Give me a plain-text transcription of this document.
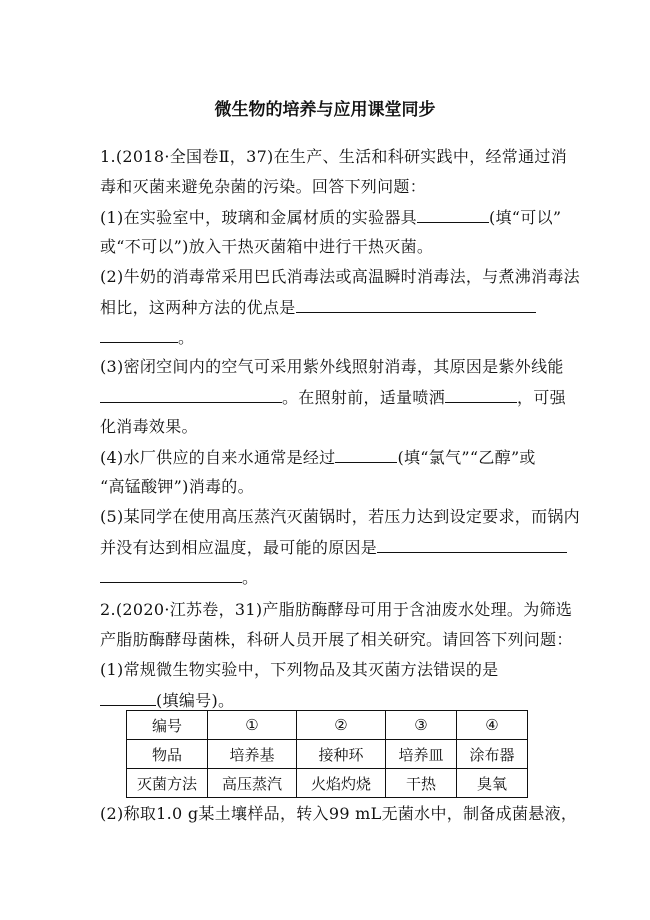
微生物的培养与应用课堂同步
1.(2018·全国卷Ⅱ，37)在生产、生活和科研实践中，经常通过消
毒和灭菌来避免杂菌的污染。回答下列问题：
(1)在实验室中，玻璃和金属材质的实验器具	(填“可以”
或“不可以”)放入干热灭菌箱中进行干热灭菌。
(2)牛奶的消毒常采用巴氏消毒法或高温瞬时消毒法，与煮沸消毒法
相比，这两种方法的优点是
。
(3)密闭空间内的空气可采用紫外线照射消毒，其原因是紫外线能
。在照射前，适量喷洒	，可强
化消毒效果。
(4)水厂供应的自来水通常是经过	(填“氯气”“乙醇”或
“高锰酸钾”)消毒的。
(5)某同学在使用高压蒸汽灭菌锅时，若压力达到设定要求，而锅内
并没有达到相应温度，最可能的原因是
。
2.(2020·江苏卷，31)产脂肪酶酵母可用于含油废水处理。为筛选
产脂肪酶酵母菌株，科研人员开展了相关研究。请回答下列问题：
(1)常规微生物实验中，下列物品及其灭菌方法错误的是
(填编号)。
编号	①	②	③	④
物品	培养基	接种环	培养皿	涂布器
灭菌方法	高压蒸汽	火焰灼烧	干热	臭氧
(2)称取1.0 g某土壤样品，转入99 mL无菌水中，制备成菌悬液，
